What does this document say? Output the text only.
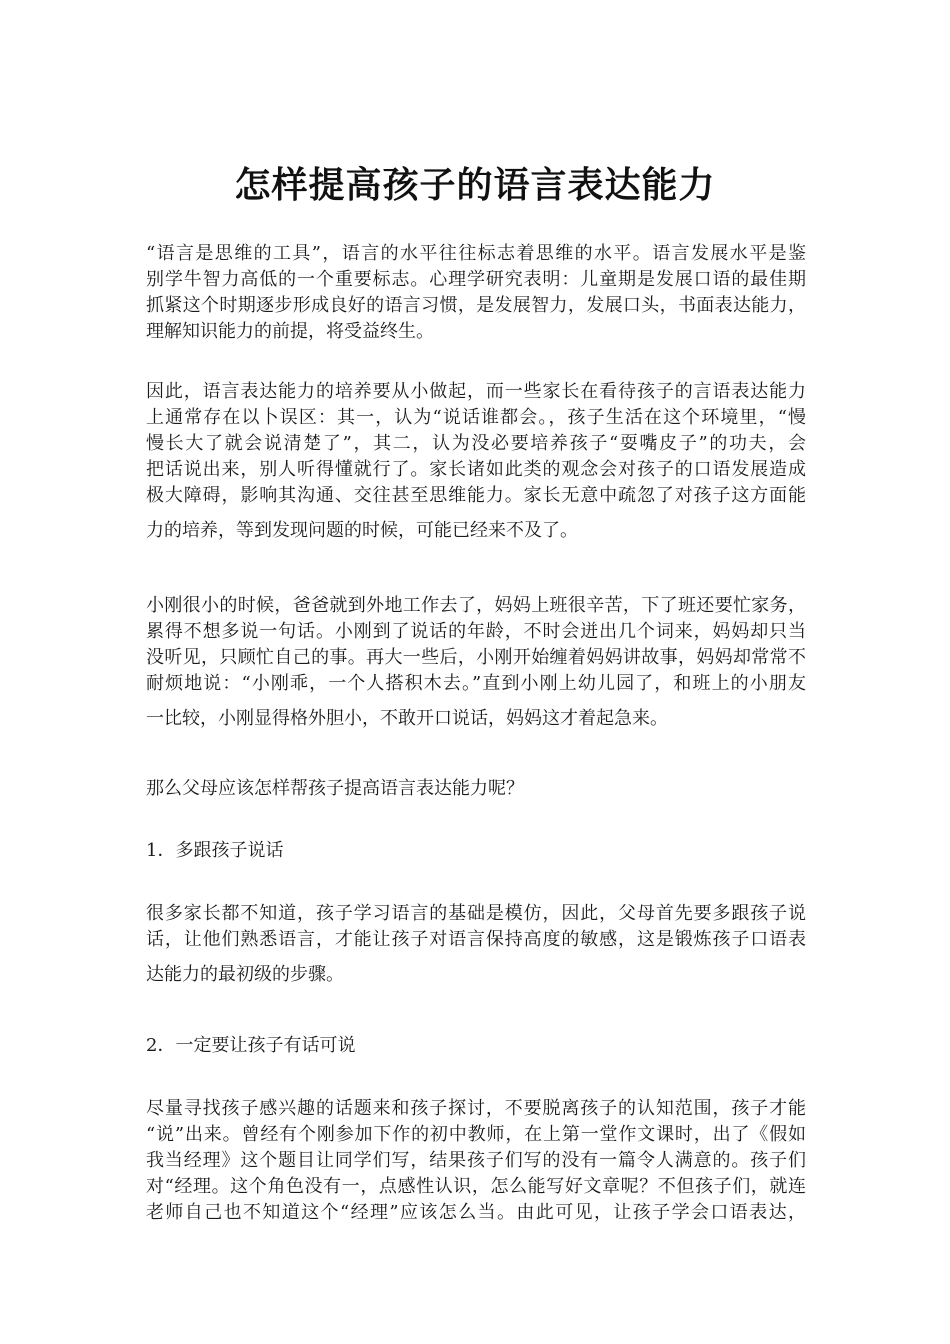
怎样提高孩子的语言表达能力
“语言是思维的工具”，语言的水平往往标志着思维的水平。语言发展水平是鉴
别学牛智力高低的一个重要标志。心理学研究表明：儿童期是发展口语的最佳期
抓紧这个时期逐步形成良好的语言习惯，是发展智力，发展口头，书面表达能力，
理解知识能力的前提，将受益终生。
因此，语言表达能力的培养要从小做起，而一些家长在看待孩子的言语表达能力
上通常存在以卜误区：其一，认为“说话谁都会。，孩子生活在这个环境里，“慢
慢长大了就会说清楚了”，其二，认为没必要培养孩子“耍嘴皮子”的功夫，会
把话说出来，别人听得懂就行了。家长诸如此类的观念会对孩子的口语发展造成
极大障碍，影响其沟通、交往甚至思维能力。家长无意中疏忽了对孩子这方面能
力的培养，等到发现问题的时候，可能已经来不及了。
小刚很小的时候，爸爸就到外地工作去了，妈妈上班很辛苦，下了班还要忙家务，
累得不想多说一句话。小刚到了说话的年龄，不时会迸出几个词来，妈妈却只当
没听见，只顾忙自己的事。再大一些后，小刚开始缠着妈妈讲故事，妈妈却常常不
耐烦地说：“小刚乖，一个人搭积木去。”直到小刚上幼儿园了，和班上的小朋友
一比较，小刚显得格外胆小，不敢开口说话，妈妈这才着起急来。
那么父母应该怎样帮孩子提高语言表达能力呢？
1．多跟孩子说话
很多家长都不知道，孩子学习语言的基础是模仿，因此，父母首先要多跟孩子说
话，让他们熟悉语言，才能让孩子对语言保持高度的敏感，这是锻炼孩子口语表
达能力的最初级的步骤。
2．一定要让孩子有话可说
尽量寻找孩子感兴趣的话题来和孩子探讨，不要脱离孩子的认知范围，孩子才能
“说”出来。曾经有个刚参加下作的初中教师，在上第一堂作文课时，出了《假如
我当经理》这个题目让同学们写，结果孩子们写的没有一篇令人满意的。孩子们
对“经理。这个角色没有一，点感性认识，怎么能写好文章呢？不但孩子们，就连
老师自己也不知道这个“经理”应该怎么当。由此可见，让孩子学会口语表达，
